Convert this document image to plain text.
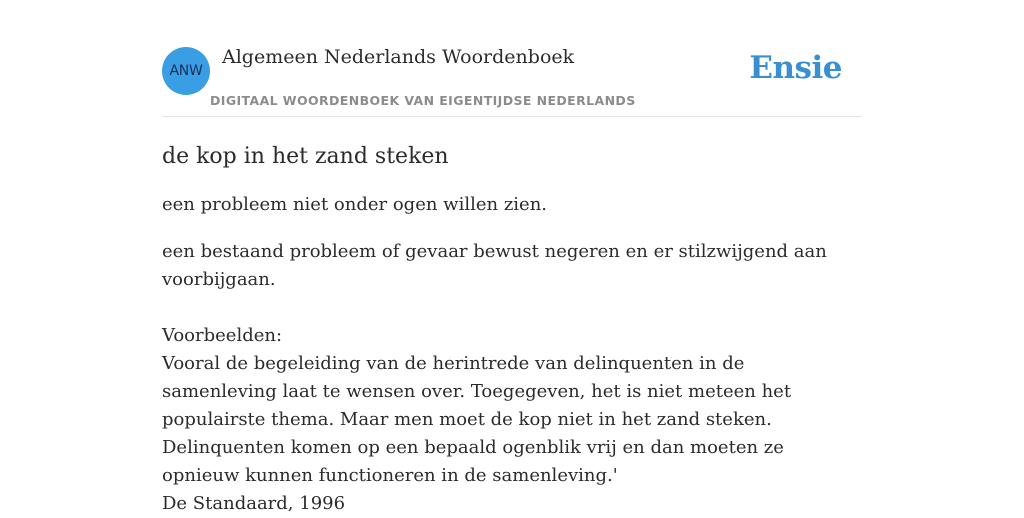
ANW
Algemeen Nederlands Woordenboek
DIGITAAL WOORDENBOEK VAN EIGENTIJDSE NEDERLANDS
Ensie
de kop in het zand steken

een probleem niet onder ogen willen zien.

een bestaand probleem of gevaar bewust negeren en er stilzwijgend aan voorbijgaan.
Voorbeelden:
Vooral de begeleiding van de herintrede van delinquenten in de samenleving laat te wensen over. Toegegeven, het is niet meteen het populairste thema. Maar men moet de kop niet in het zand steken. Delinquenten komen op een bepaald ogenblik vrij en dan moeten ze opnieuw kunnen functioneren in de samenleving.'
De Standaard, 1996
